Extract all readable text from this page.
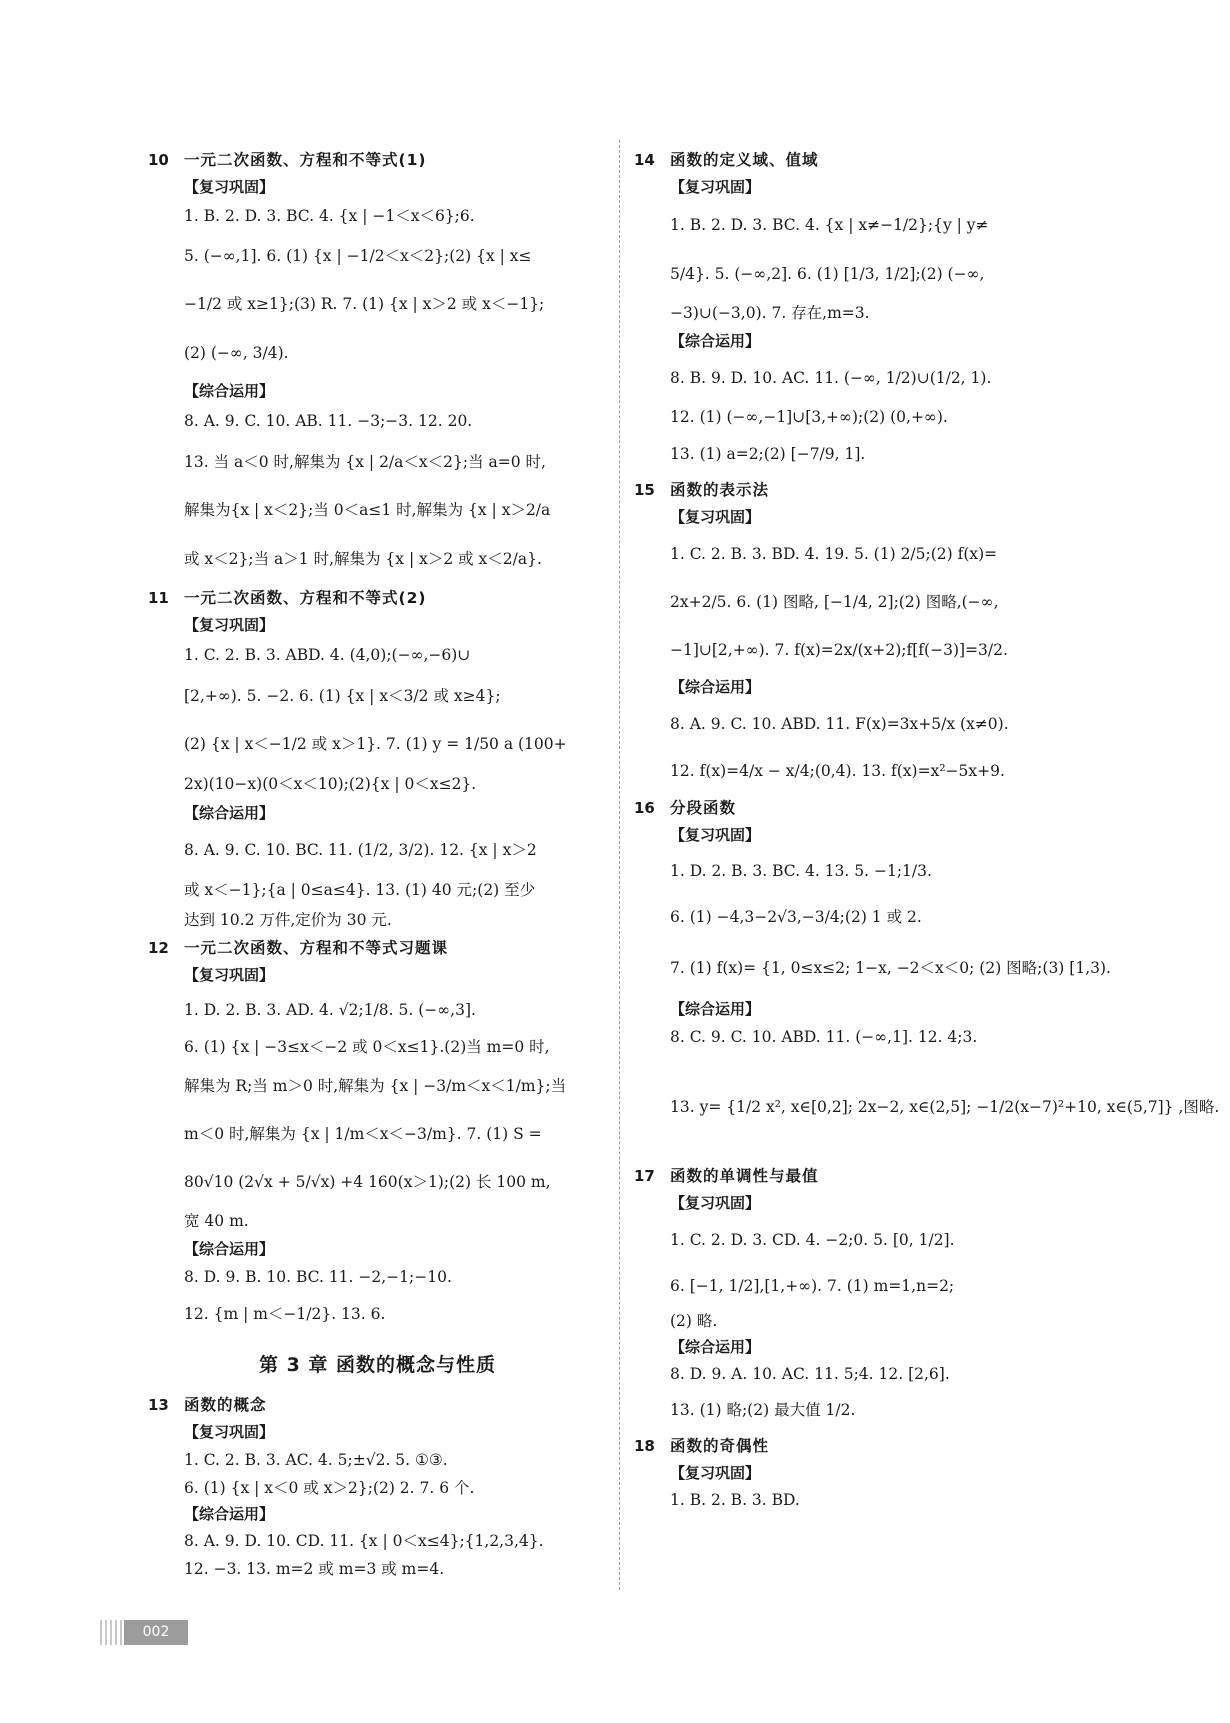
10 一元二次函数、方程和不等式(1)
【复习巩固】
1. B. 2. D. 3. BC. 4. {x | −1＜x＜6};6.
5. (−∞,1]. 6. (1) {x | −1/2＜x＜2};(2) {x | x≤
−1/2 或 x≥1};(3) R. 7. (1) {x | x＞2 或 x＜−1};
(2) (−∞, 3/4).
【综合运用】
8. A. 9. C. 10. AB. 11. −3;−3. 12. 20.
13. 当 a＜0 时,解集为 {x | 2/a＜x＜2};当 a=0 时,
解集为{x | x＜2};当 0＜a≤1 时,解集为 {x | x＞2/a
或 x＜2};当 a＞1 时,解集为 {x | x＞2 或 x＜2/a}.
11 一元二次函数、方程和不等式(2)
【复习巩固】
1. C. 2. B. 3. ABD. 4. (4,0);(−∞,−6)∪
[2,+∞). 5. −2. 6. (1) {x | x＜3/2 或 x≥4};
(2) {x | x＜−1/2 或 x＞1}. 7. (1) y = 1/50 a (100+
2x)(10−x)(0＜x＜10);(2){x | 0＜x≤2}.
【综合运用】
8. A. 9. C. 10. BC. 11. (1/2, 3/2). 12. {x | x＞2
或 x＜−1};{a | 0≤a≤4}. 13. (1) 40 元;(2) 至少
达到 10.2 万件,定价为 30 元.
12 一元二次函数、方程和不等式习题课
【复习巩固】
1. D. 2. B. 3. AD. 4. √2;1/8. 5. (−∞,3].
6. (1) {x | −3≤x＜−2 或 0＜x≤1}.(2)当 m=0 时,
解集为 R;当 m＞0 时,解集为 {x | −3/m＜x＜1/m};当
m＜0 时,解集为 {x | 1/m＜x＜−3/m}. 7. (1) S =
80√10 (2√x + 5/√x) +4 160(x＞1);(2) 长 100 m,
宽 40 m.
【综合运用】
8. D. 9. B. 10. BC. 11. −2,−1;−10.
12. {m | m＜−1/2}. 13. 6.
第 3 章 函数的概念与性质
13 函数的概念
【复习巩固】
1. C. 2. B. 3. AC. 4. 5;±√2. 5. ①③.
6. (1) {x | x＜0 或 x＞2};(2) 2. 7. 6 个.
【综合运用】
8. A. 9. D. 10. CD. 11. {x | 0＜x≤4};{1,2,3,4}.
12. −3. 13. m=2 或 m=3 或 m=4.
14 函数的定义域、值域
【复习巩固】
1. B. 2. D. 3. BC. 4. {x | x≠−1/2};{y | y≠
5/4}. 5. (−∞,2]. 6. (1) [1/3, 1/2];(2) (−∞,
−3)∪(−3,0). 7. 存在,m=3.
【综合运用】
8. B. 9. D. 10. AC. 11. (−∞, 1/2)∪(1/2, 1).
12. (1) (−∞,−1]∪[3,+∞);(2) (0,+∞).
13. (1) a=2;(2) [−7/9, 1].
15 函数的表示法
【复习巩固】
1. C. 2. B. 3. BD. 4. 19. 5. (1) 2/5;(2) f(x)=
2x+2/5. 6. (1) 图略, [−1/4, 2];(2) 图略,(−∞,
−1]∪[2,+∞). 7. f(x)=2x/(x+2);f[f(−3)]=3/2.
【综合运用】
8. A. 9. C. 10. ABD. 11. F(x)=3x+5/x (x≠0).
12. f(x)=4/x − x/4;(0,4). 13. f(x)=x²−5x+9.
16 分段函数
【复习巩固】
1. D. 2. B. 3. BC. 4. 13. 5. −1;1/3.
6. (1) −4,3−2√3,−3/4;(2) 1 或 2.
7. (1) f(x)= {1, 0≤x≤2; 1−x, −2＜x＜0; (2) 图略;(3) [1,3).
【综合运用】
8. C. 9. C. 10. ABD. 11. (−∞,1]. 12. 4;3.
13. y= {1/2 x², x∈[0,2]; 2x−2, x∈(2,5]; −1/2(x−7)²+10, x∈(5,7]} ,图略.
17 函数的单调性与最值
【复习巩固】
1. C. 2. D. 3. CD. 4. −2;0. 5. [0, 1/2].
6. [−1, 1/2],[1,+∞). 7. (1) m=1,n=2;
(2) 略.
【综合运用】
8. D. 9. A. 10. AC. 11. 5;4. 12. [2,6].
13. (1) 略;(2) 最大值 1/2.
18 函数的奇偶性
【复习巩固】
1. B. 2. B. 3. BD.
002
